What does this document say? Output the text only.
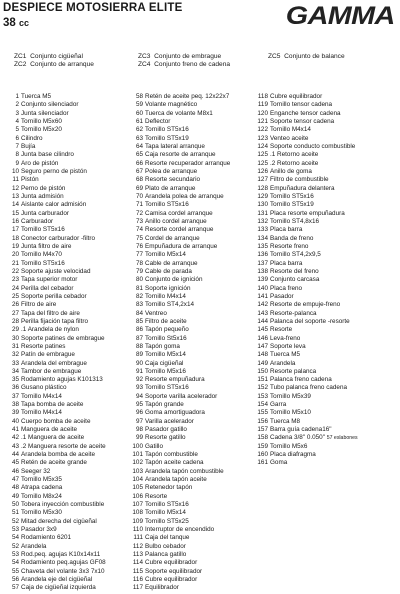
DESPIECE MOTOSIERRA ELITE
38 cc	GAMMA
ZC1 Conjunto cigüeñal
ZC2 Conjunto de arranque
ZC3 Conjunto de embrague
ZC4 Conjunto freno de cadena
ZC5 Conjunto de balance
1 Tuerca M5
2 Conjunto silenciador
3 Junta silenciador
4 Tornillo M5x60
5 Tornillo M5x20
6 Cilindro
7 Bujía
8 Junta base cilindro
9 Aro de pistón
10 Seguro perno de pistón
11 Pistón
12 Perno de pistón
13 Junta admisión
14 Aislante calor admisión
15 Junta carburador
16 Carburador
17 Tornillo ST5x16
18 Conector carburador -filtro
19 Junta filtro de aire
20 Tornillo M4x70
21 Tornillo ST5x16
22 Soporte ajuste velocidad
23 Tapa superior motor
24 Perilla del cebador
25 Soporte perilla cebador
26 Filtro de aire
27 Tapa del filtro de aire
28 Perilla fijación tapa filtro
29 .1 Arandela de nylon
30 Soporte patines de embrague
31 Resorte patines
32 Patín de embrague
33 Arandela del embrague
34 Tambor de embrague
35 Rodamiento agujas K101313
36 Gusano plástico
37 Tornillo M4x14
38 Tapa bomba de aceite
39 Tornillo M4x14
40 Cuerpo bomba de aceite
41 Manguera de aceite
42 .1 Manguera de aceite
43 .2 Manguera resorte de aceite
44 Arandela bomba de aceite
45 Retén de aceite grande
46 Seeger 32
47 Tornillo M5x35
48 Atrapa cadena
49 Tornillo M8x24
50 Tobera inyección combustible
51 Tornillo M5x30
52 Mitad derecha del cigüeñal
53 Pasador 3x9
54 Rodamiento 6201
52 Arandela
53 Rod.peq. agujas K10x14x11
54 Rodamiento peq.agujas GF08
55 Chaveta del volante 3x3 7x10
56 Arandela eje del cigüeñal
57 Caja de cigüeñal izquierda
58 Retén de aceite peq. 12x22x7
59 Volante magnético
60 Tuerca de volante M8x1
61 Deflector
62 Tornillo ST5x16
63 Tornillo ST5x19
64 Tapa lateral arranque
65 Caja resorte de arranque
66 Resorte recuperador arranque
67 Polea de arranque
68 Resorte secundario
69 Plato de arranque
70 Arandela polea de arranque
71 Tornillo ST5x16
72 Camisa cordel arranque
73 Anillo cordel arranque
74 Resorte cordel arranque
75 Cordel de arranque
76 Empuñadura de arranque
77 Tornillo M5x14
78 Cable de arranque
79 Cable de parada
80 Conjunto de ignición
81 Soporte ignición
82 Tornillo M4x14
83 Tornillo ST4,2x14
84 Ventreo
85 Filtro de aceite
86 Tapón pequeño
87 Tornillo St5x16
88 Tapón goma
89 Tornillo M5x14
90 Caja cigüeñal
91 Tornillo M5x16
92 Resorte empuñadura
93 Tornillo ST5x16
94 Soporte varilla acelerador
95 Tapón grande
96 Goma amortiguadora
97 Varilla acelerador
98 Pasador gatillo
99 Resorte gatillo
100 Gatillo
101 Tapón combustible
102 Tapón aceite cadena
103 Arandela tapón combustible
104 Arandela tapón aceite
105 Retenedor tapón
106 Resorte
107 Tornillo ST5x16
108 Tornillo M5x14
109 Tornillo ST5x25
110 Interruptor de encendido
111 Caja del tanque
112 Bulbo cebador
113 Palanca gatillo
114 Cubre equilibrador
115 Soporte equilibrador
116 Cubre equilibrador
117 Equilibrador
118 Cubre equilibrador
119 Tornillo tensor cadena
120 Enganche tensor cadena
121 Soporte tensor cadena
122 Tornillo M4x14
123 Venteo aceite
124 Soporte conducto combustible
125 .1 Retorno aceite
125 .2 Retorno aceite
126 Anillo de goma
127 Filtro de combustible
128 Empuñadura delantera
129 Tornillo ST5x16
130 Tornillo ST5x19
131 Placa resorte empuñadura
132 Tornillo ST4,8x16
133 Placa barra
134 Banda de freno
135 Resorte freno
136 Tornillo ST4,2x9,5
137 Placa barra
138 Resorte del freno
139 Conjunto carcasa
140 Placa freno
141 Pasador
142 Resorte de empuje-freno
143 Resorte-palanca
144 Palanca del soporte -resorte
145 Resorte
146 Leva-freno
147 Soporte leva
148 Tuerca M5
149 Arandela
150 Resorte palanca
151 Palanca freno cadena
152 Tubo palanca freno cadena
153 Tornillo M5x39
154 Garra
155 Tornillo M5x10
156 Tuerca M8
157 Barra guía cadena16"
158 Cadena 3/8" 0.050" 57 eslabones
159 Tornillo M5x6
160 Placa diafragma
161 Goma
